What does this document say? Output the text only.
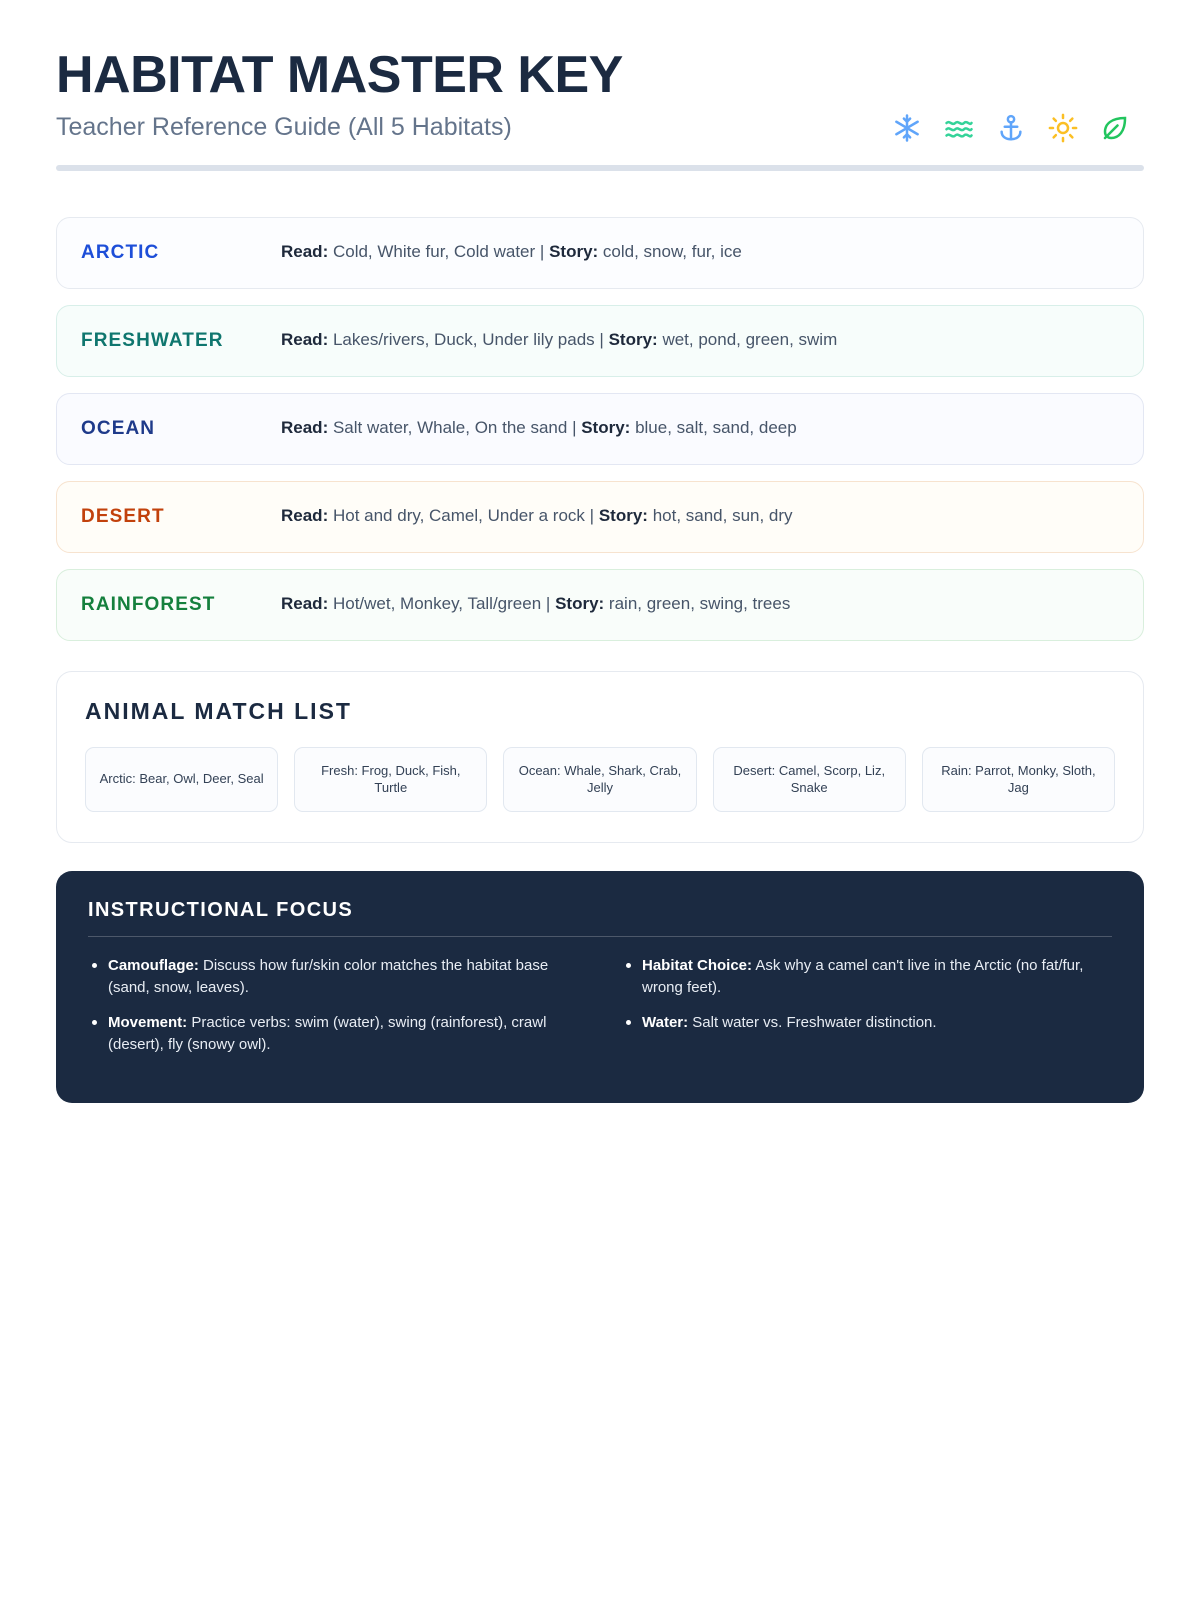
HABITAT MASTER KEY
Teacher Reference Guide (All 5 Habitats)
ARCTIC	Read: Cold, White fur, Cold water | Story: cold, snow, fur, ice
FRESHWATER	Read: Lakes/rivers, Duck, Under lily pads | Story: wet, pond, green, swim
OCEAN	Read: Salt water, Whale, On the sand | Story: blue, salt, sand, deep
DESERT	Read: Hot and dry, Camel, Under a rock | Story: hot, sand, sun, dry
RAINFOREST	Read: Hot/wet, Monkey, Tall/green | Story: rain, green, swing, trees
ANIMAL MATCH LIST
Arctic: Bear, Owl, Deer, Seal
Fresh: Frog, Duck, Fish, Turtle
Ocean: Whale, Shark, Crab, Jelly
Desert: Camel, Scorp, Liz, Snake
Rain: Parrot, Monky, Sloth, Jag
INSTRUCTIONAL FOCUS
Camouflage: Discuss how fur/skin color matches the habitat base (sand, snow, leaves).
Movement: Practice verbs: swim (water), swing (rainforest), crawl (desert), fly (snowy owl).
Habitat Choice: Ask why a camel can't live in the Arctic (no fat/fur, wrong feet).
Water: Salt water vs. Freshwater distinction.
